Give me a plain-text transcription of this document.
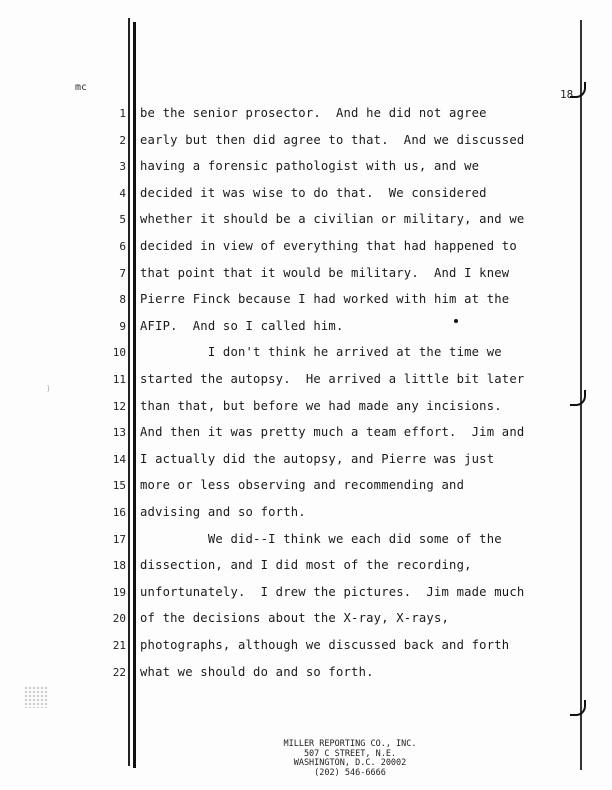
mc
18
1 be the senior prosector.  And he did not agree
2 early but then did agree to that.  And we discussed
3 having a forensic pathologist with us, and we
4 decided it was wise to do that.  We considered
5 whether it should be a civilian or military, and we
6 decided in view of everything that had happened to
7 that point that it would be military.  And I knew
8 Pierre Finck because I had worked with him at the
9 AFIP.  And so I called him.
10 I don't think he arrived at the time we
11 started the autopsy.  He arrived a little bit later
12 than that, but before we had made any incisions.
13 And then it was pretty much a team effort.  Jim and
14 I actually did the autopsy, and Pierre was just
15 more or less observing and recommending and
16 advising and so forth.
17 We did--I think we each did some of the
18 dissection, and I did most of the recording,
19 unfortunately.  I drew the pictures.  Jim made much
20 of the decisions about the X-ray, X-rays,
21 photographs, although we discussed back and forth
22 what we should do and so forth.
)
MILLER REPORTING CO., INC.
507 C STREET, N.E.
WASHINGTON, D.C. 20002
(202) 546-6666
